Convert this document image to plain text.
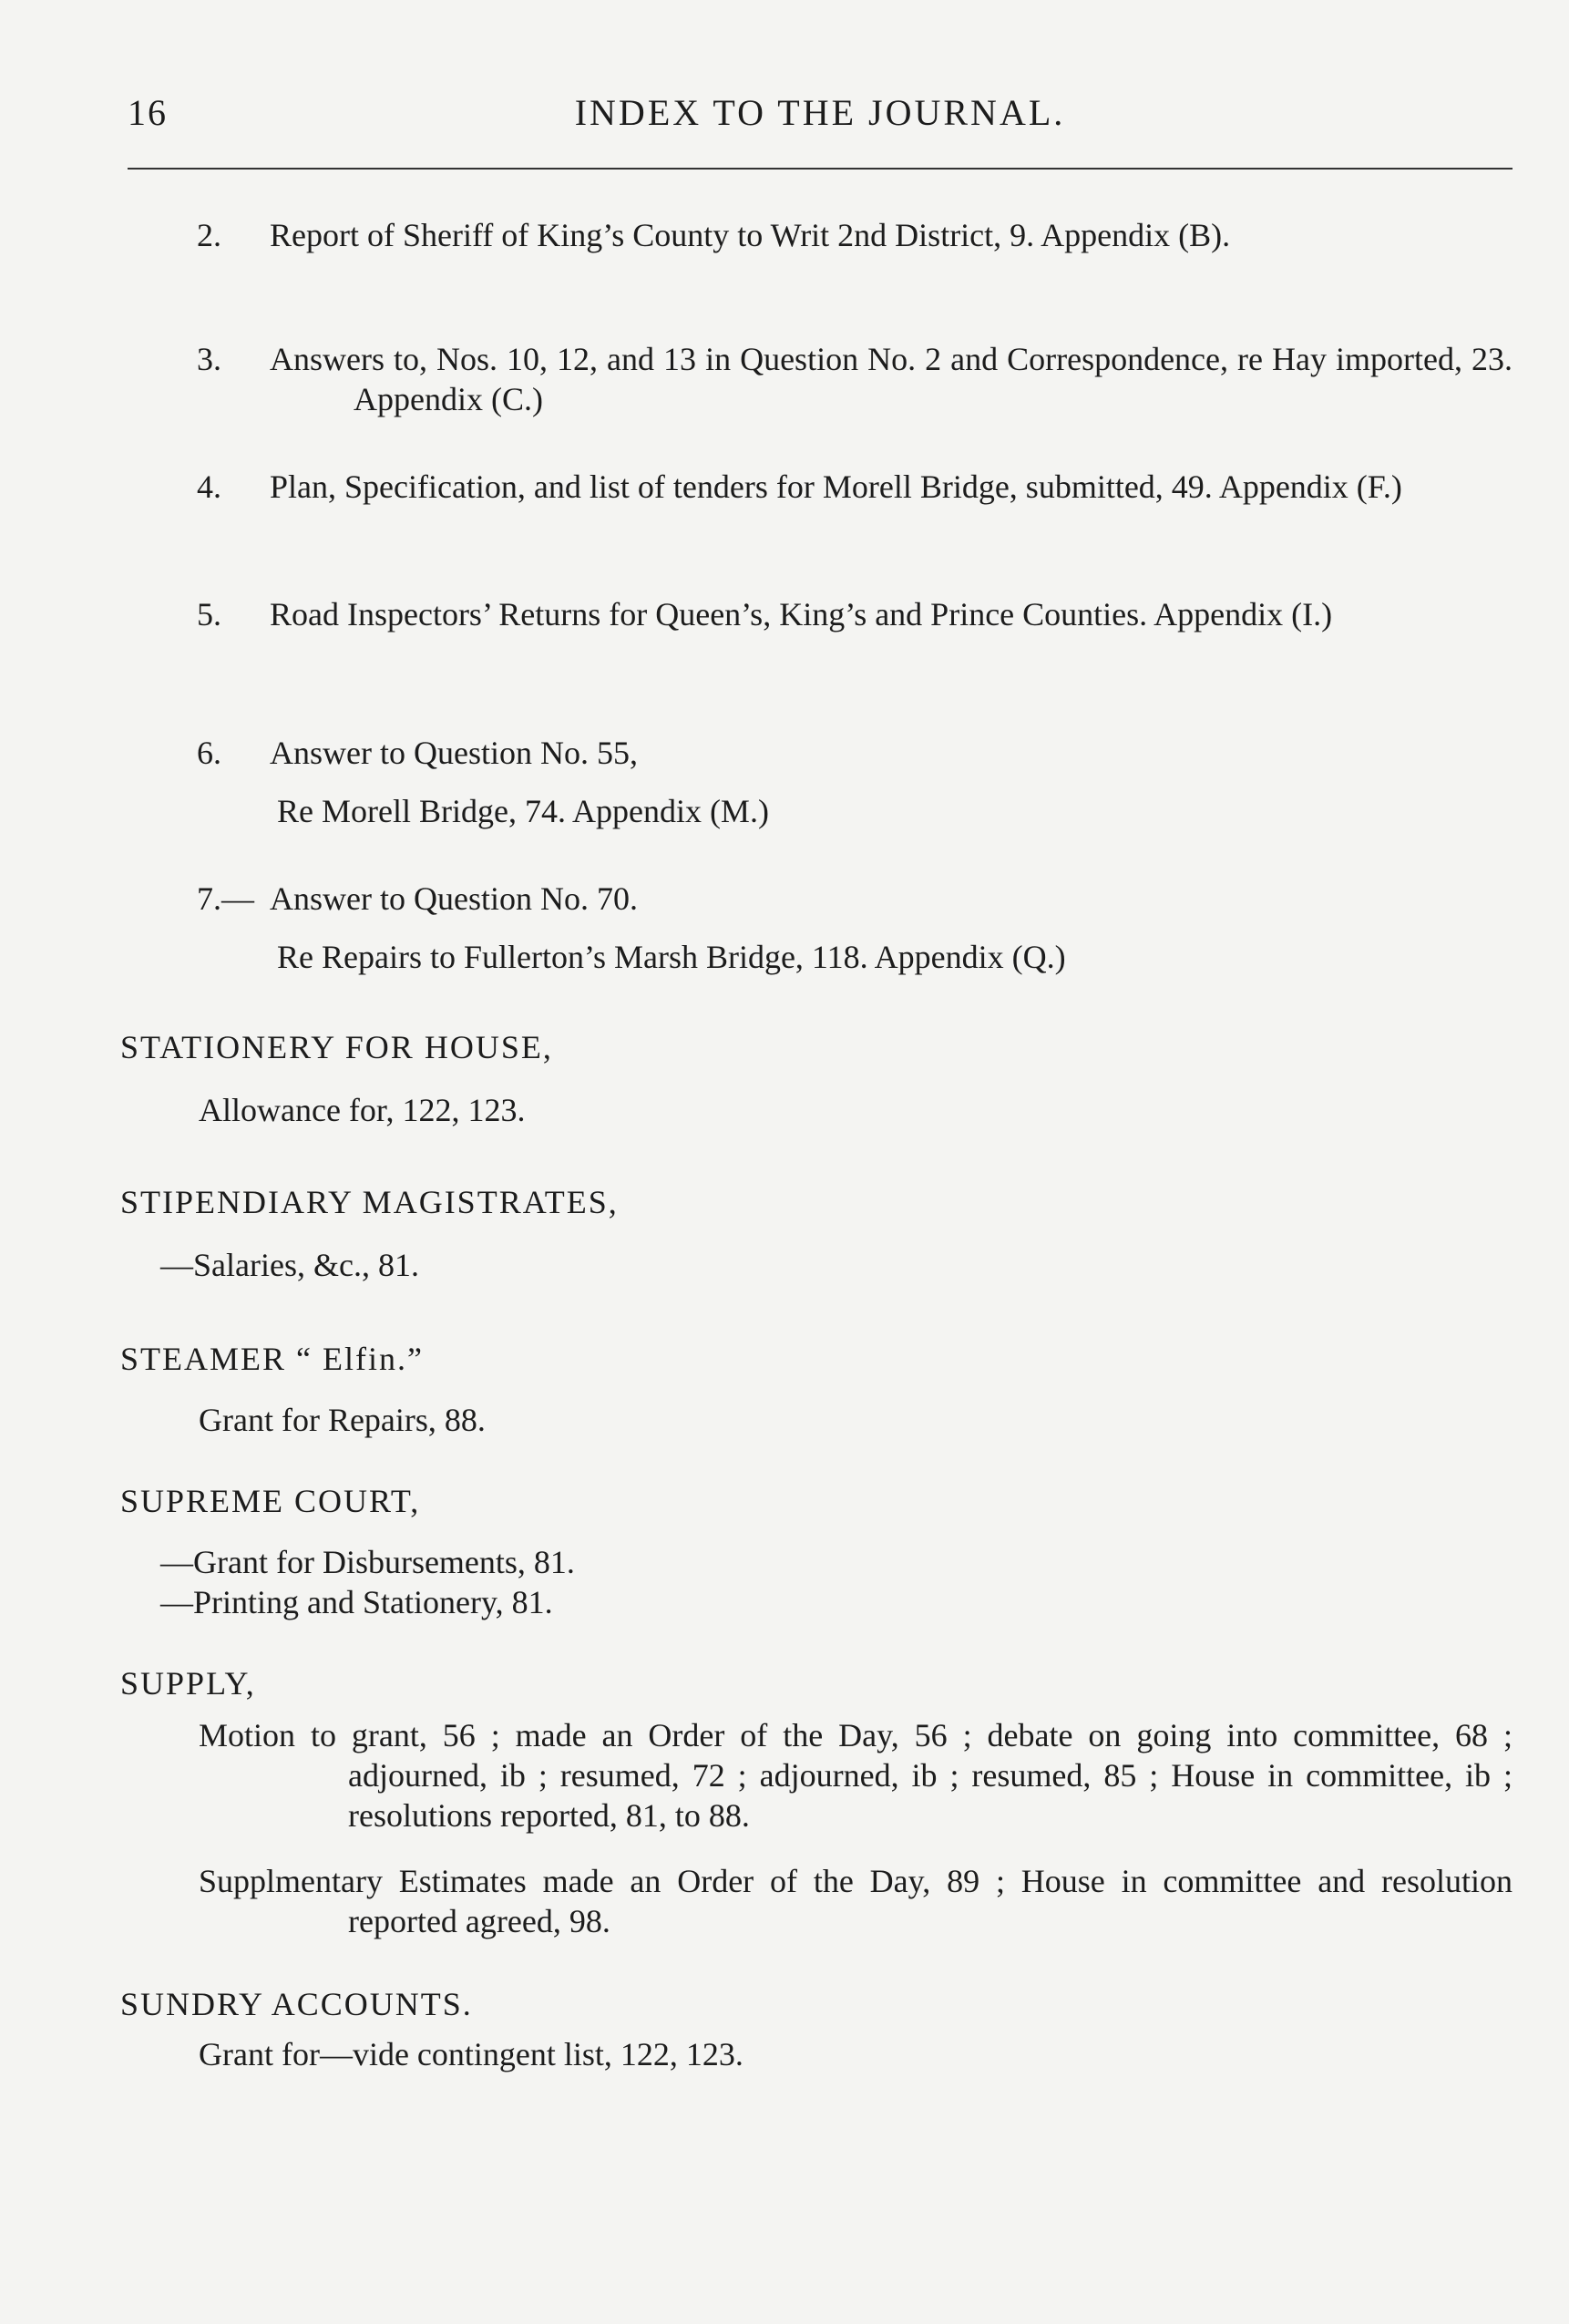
16	INDEX TO THE JOURNAL.
2.	Report of Sheriff of King’s County to Writ 2nd District, 9. Appendix (B).
3.	Answers to, Nos. 10, 12, and 13 in Question No. 2 and Correspondence, re Hay imported, 23. Appendix (C.)
4.	Plan, Specification, and list of tenders for Morell Bridge, submitted, 49. Appendix (F.)
5.	Road Inspectors’ Returns for Queen’s, King’s and Prince Counties. Appendix (I.)
6.	Answer to Question No. 55,
Re Morell Bridge, 74. Appendix (M.)
7.— Answer to Question No. 70.
Re Repairs to Fullerton’s Marsh Bridge, 118. Appendix (Q.)
STATIONERY FOR HOUSE,
Allowance for, 122, 123.
STIPENDIARY MAGISTRATES,
—Salaries, &c., 81.
STEAMER “ Elfin.”
Grant for Repairs, 88.
SUPREME COURT,
—Grant for Disbursements, 81.
—Printing and Stationery, 81.
SUPPLY,
Motion to grant, 56 ; made an Order of the Day, 56 ; debate on going into committee, 68 ; adjourned, ib ; resumed, 72 ; adjourned, ib ; resumed, 85 ; House in committee, ib ; resolutions reported, 81, to 88.
Supplmentary Estimates made an Order of the Day, 89 ; House in committee and resolution reported agreed, 98.
SUNDRY ACCOUNTS.
Grant for—vide contingent list, 122, 123.
